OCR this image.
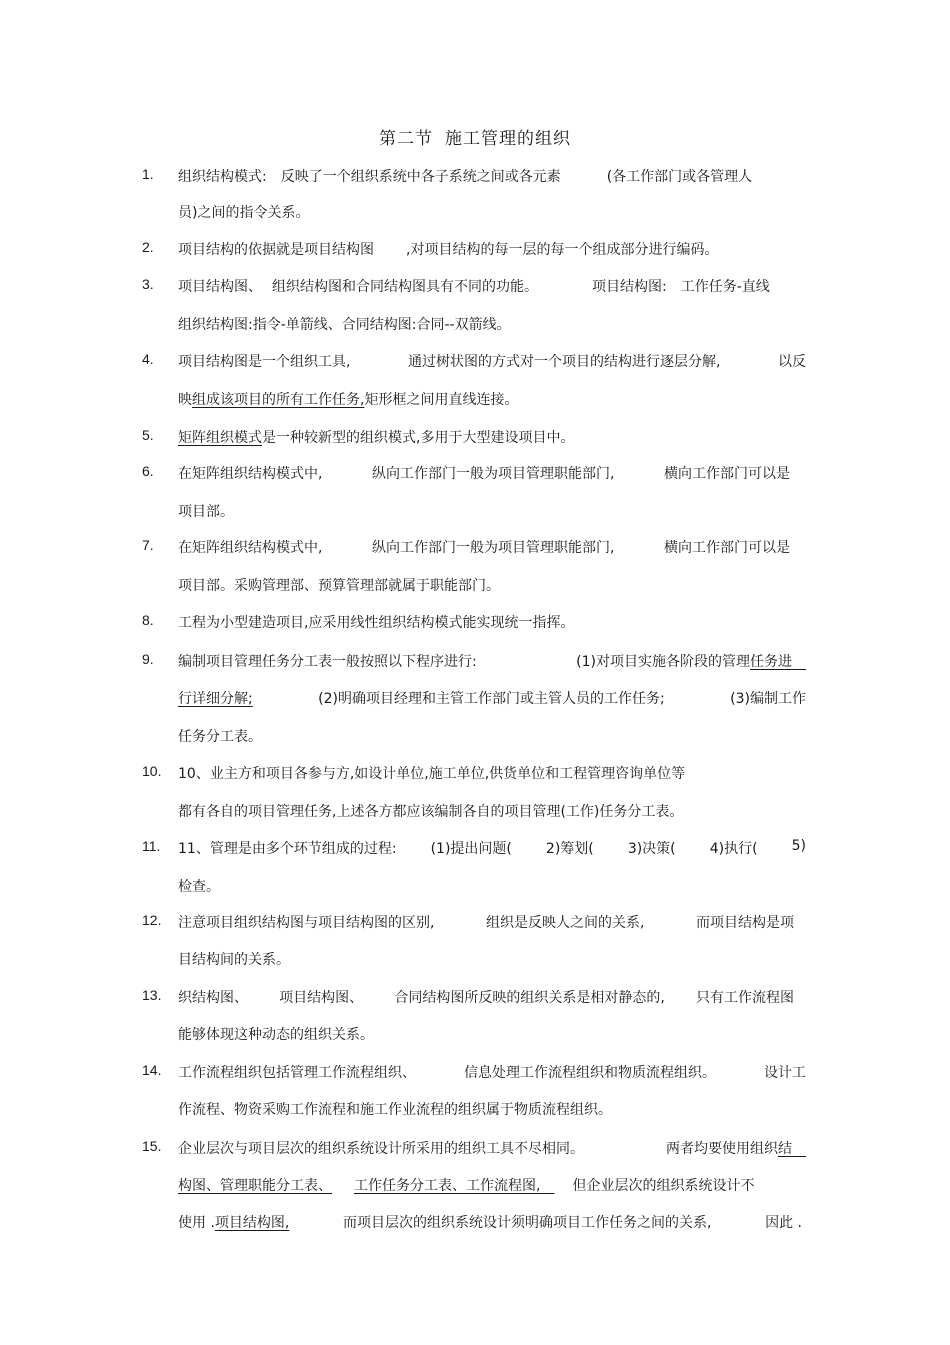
第二节 施工管理的组织
1. 组织结构模式: 反映了一个组织系统中各子系统之间或各元素	(各工作部门或各管理人
员)之间的指令关系。
2. 项目结构的依据就是项目结构图 ,对项目结构的每一层的每一个组成部分进行编码。
3. 项目结构图、 组织结构图和合同结构图具有不同的功能。	项目结构图: 工作任务-直线
组织结构图:指令-单箭线、合同结构图:合同--双箭线。
4. 项目结构图是一个组织工具,	通过树状图的方式对一个项目的结构进行逐层分解,	以反
映组成该项目的所有工作任务,矩形框之间用直线连接。
5. 矩阵组织模式是一种较新型的组织模式,多用于大型建设项目中。
6. 在矩阵组织结构模式中,	纵向工作部门一般为项目管理职能部门,	横向工作部门可以是
项目部。
7. 在矩阵组织结构模式中,	纵向工作部门一般为项目管理职能部门,	横向工作部门可以是
项目部。采购管理部、预算管理部就属于职能部门。
8. 工程为小型建造项目,应采用线性组织结构模式能实现统一指挥。
9. 编制项目管理任务分工表一般按照以下程序进行:	(1)对项目实施各阶段的管理任务进  
行详细分解;	(2)明确项目经理和主管工作部门或主管人员的工作任务;	(3)编制工作
任务分工表。
10. 10、业主方和项目各参与方,如设计单位,施工单位,供货单位和工程管理咨询单位等
都有各自的项目管理任务,上述各方都应该编制各自的项目管理(工作)任务分工表。
11. 11、管理是由多个环节组成的过程: (1)提出问题( 2)筹划( 3)决策( 4)执行( 5)
检查。
12. 注意项目组织结构图与项目结构图的区别,	组织是反映人之间的关系,	而项目结构是项
目结构间的关系。
13. 织结构图、 项目结构图、 合同结构图所反映的组织关系是相对静态的, 只有工作流程图
能够体现这种动态的组织关系。
14. 工作流程组织包括管理工作流程组织、	信息处理工作流程组织和物质流程组织。	设计工
作流程、物资采购工作流程和施工作业流程的组织属于物质流程组织。
15. 企业层次与项目层次的组织系统设计所采用的组织工具不尽相同。	两者均要使用组织结  
构图、管理职能分工表、 工作任务分工表、工作流程图,   但企业层次的组织系统设计不
使用 .项目结构图,	而项目层次的组织系统设计须明确项目工作任务之间的关系,	因此 .
